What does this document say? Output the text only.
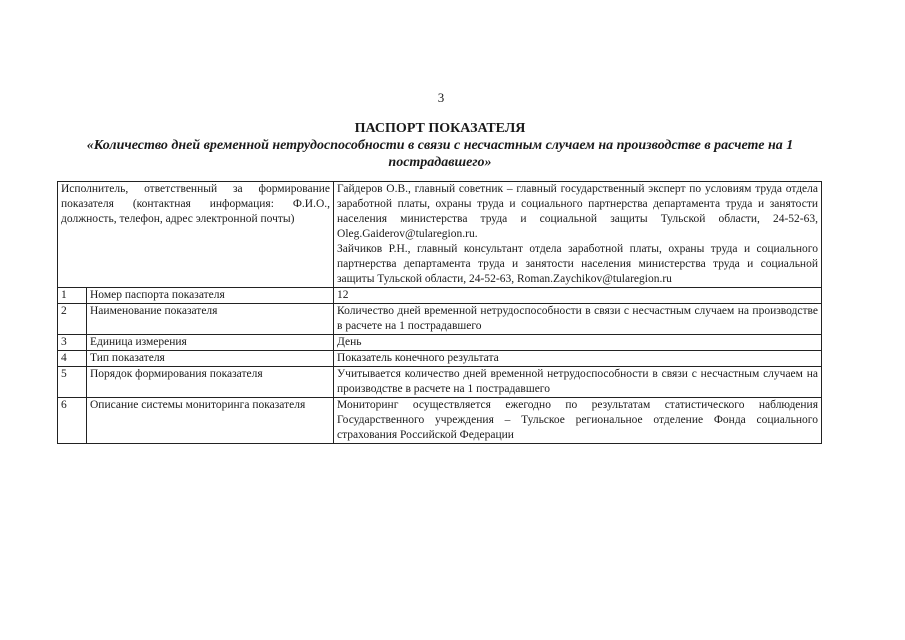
3
ПАСПОРТ ПОКАЗАТЕЛЯ
«Количество дней временной нетрудоспособности в связи с несчастным случаем на производстве в расчете на 1 пострадавшего»
Исполнитель, ответственный за формирование показателя (контактная информация: Ф.И.О., должность, телефон, адрес электронной почты)		Гайдеров О.В., главный советник – главный государственный эксперт по условиям труда отдела заработной платы, охраны труда и социального партнерства департамента труда и занятости населения министерства труда и социальной защиты Тульской области, 24-52-63, Oleg.Gaiderov@tularegion.ru.
Зайчиков Р.Н., главный консультант отдела заработной платы, охраны труда и социального партнерства департамента труда и занятости населения министерства труда и социальной защиты Тульской области, 24-52-63, Roman.Zaychikov@tularegion.ru

1	Номер паспорта показателя	12
2	Наименование показателя	Количество дней временной нетрудоспособности в связи с несчастным случаем на производстве в расчете на 1 пострадавшего
3	Единица измерения	День
4	Тип показателя	Показатель конечного результата
5	Порядок формирования показателя	Учитывается количество дней временной нетрудоспособности в связи с несчастным случаем на производстве в расчете на 1 пострадавшего
6	Описание системы мониторинга показателя	Мониторинг осуществляется ежегодно по результатам статистического наблюдения Государственного учреждения – Тульское региональное отделение Фонда социального страхования Российской Федерации
